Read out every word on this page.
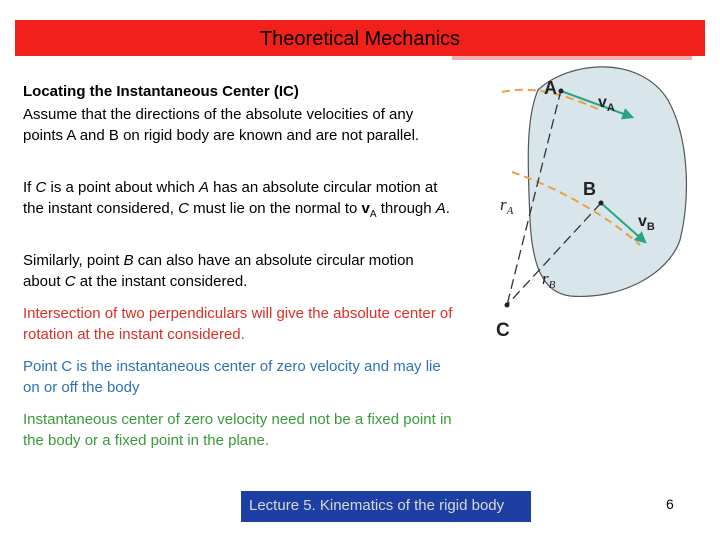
Theoretical Mechanics
Locating the Instantaneous Center (IC)
Assume that the directions of the absolute velocities of any points A and B on rigid body are known and are not parallel.
If C is a point about which A has an absolute circular motion at the instant considered, C must lie on the normal to $v_A$ through A.
Similarly, point B can also have an absolute circular motion about C at the instant considered.
Intersection of two perpendiculars will give the absolute center of rotation at the instant considered.
Point C is the instantaneous center of zero velocity and may lie on or off the body
Instantaneous center of zero velocity need not be a fixed point in the body or a fixed point in the plane.
A
B
C
$v_A$
$v_B$
$r_A$
$r_B$
Lecture 5. Kinematics of the rigid body	6
